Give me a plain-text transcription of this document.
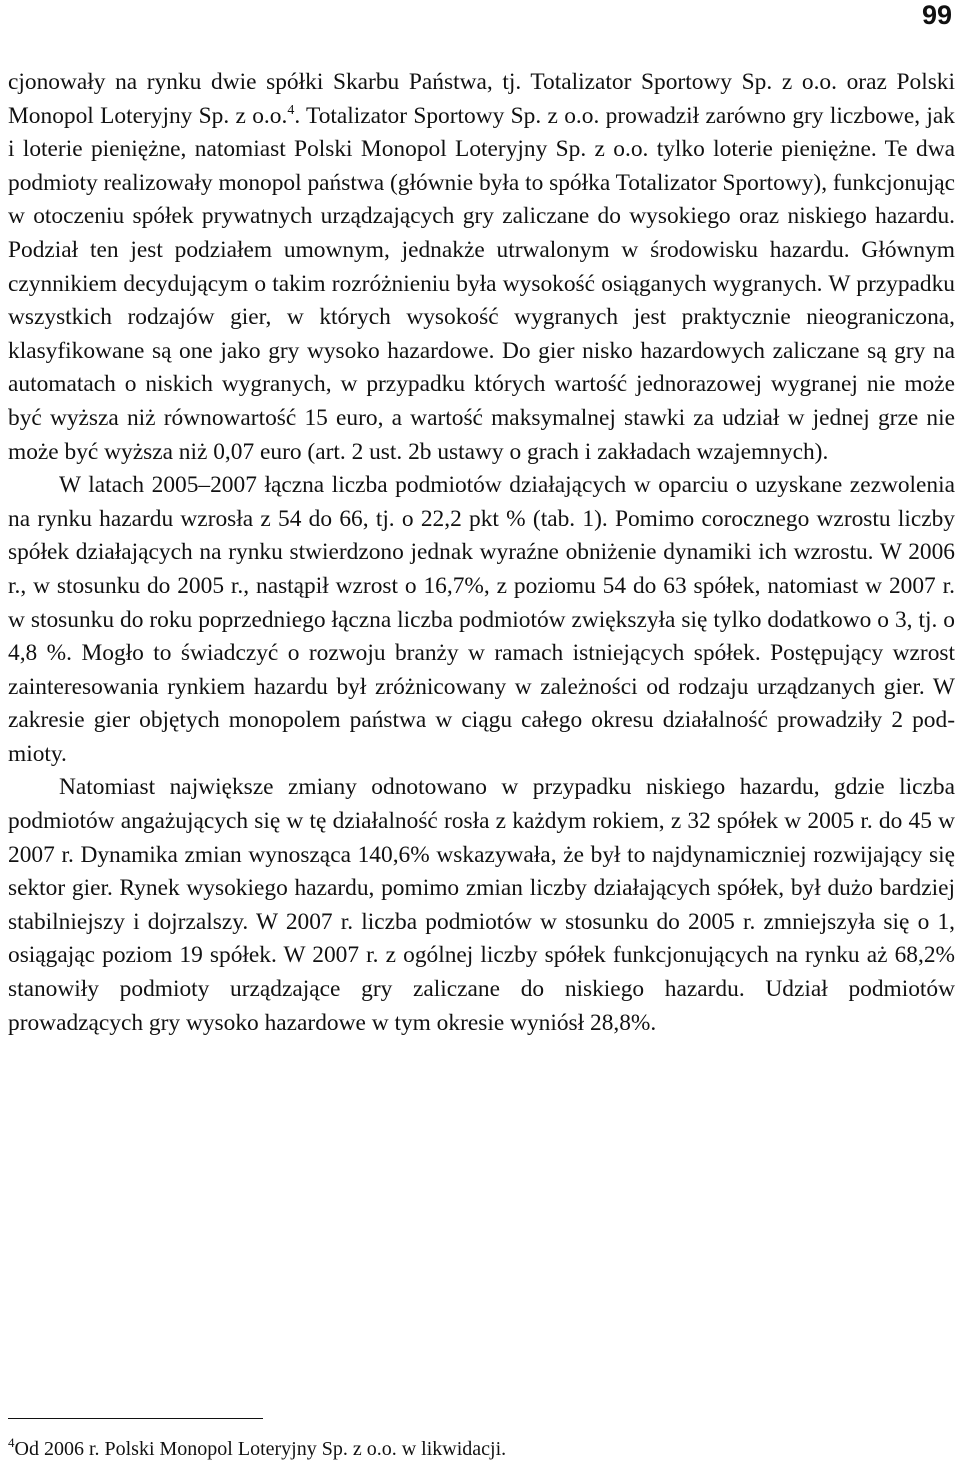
99

cjonowały na rynku dwie spółki Skarbu Państwa, tj. Totalizator Sportowy Sp. z o.o. oraz Polski Monopol Loteryjny Sp. z o.o.$^4$. Totalizator Sportowy Sp. z o.o. prowadził zarówno gry liczbowe, jak i loterie pieniężne, natomiast Polski Monopol Loteryjny Sp. z o.o. tylko loterie pieniężne. Te dwa podmioty realizowały monopol państwa (głównie była to spółka Totalizator Sportowy), funkcjonując w otoczeniu spółek prywatnych urządzających gry zaliczane do wysokiego oraz niskiego hazardu. Podział ten jest podziałem umownym, jednakże utrwalonym w środowisku hazardu. Głównym czynnikiem decydującym o takim rozróżnieniu była wysokość osiąganych wygranych. W przypadku wszystkich rodzajów gier, w których wysokość wygranych jest praktycznie nieograniczona, klasyfikowane są one jako gry wysoko hazardowe. Do gier nisko hazardowych zaliczane są gry na automatach o niskich wygranych, w przypadku których wartość jednorazowej wygranej nie może być wyższa niż równowartość 15 euro, a wartość maksymalnej stawki za udział w jednej grze nie może być wyższa niż 0,07 euro (art. 2 ust. 2b ustawy o grach i zakładach wzajemnych).

W latach 2005–2007 łączna liczba podmiotów działających w oparciu o uzyskane zezwolenia na rynku hazardu wzrosła z 54 do 66, tj. o 22,2 pkt % (tab. 1). Pomimo corocznego wzrostu liczby spółek działających na rynku stwierdzono jednak wyraźne obniżenie dynamiki ich wzrostu. W 2006 r., w stosunku do 2005 r., nastąpił wzrost o 16,7%, z poziomu 54 do 63 spółek, natomiast w 2007 r. w stosunku do roku poprzedniego łączna liczba podmiotów zwiększyła się tylko dodatkowo o 3, tj. o 4,8 %. Mogło to świadczyć o rozwoju branży w ramach istniejących spółek. Postępujący wzrost zainteresowania rynkiem hazardu był zróżnicowany w zależności od rodzaju urządzanych gier. W zakresie gier objętych monopolem państwa w ciągu całego okresu działalność prowadziły 2 podmioty.

Natomiast największe zmiany odnotowano w przypadku niskiego hazardu, gdzie liczba podmiotów angażujących się w tę działalność rosła z każdym rokiem, z 32 spółek w 2005 r. do 45 w 2007 r. Dynamika zmian wynosząca 140,6% wskazywała, że był to najdynamiczniej rozwijający się sektor gier. Rynek wysokiego hazardu, pomimo zmian liczby działających spółek, był dużo bardziej stabilniejszy i dojrzalszy. W 2007 r. liczba podmiotów w stosunku do 2005 r. zmniejszyła się o 1, osiągając poziom 19 spółek. W 2007 r. z ogólnej liczby spółek funkcjonujących na rynku aż 68,2% stanowiły podmioty urządzające gry zaliczane do niskiego hazardu. Udział podmiotów prowadzących gry wysoko hazardowe w tym okresie wyniósł 28,8%.

$^4$Od 2006 r. Polski Monopol Loteryjny Sp. z o.o. w likwidacji.
